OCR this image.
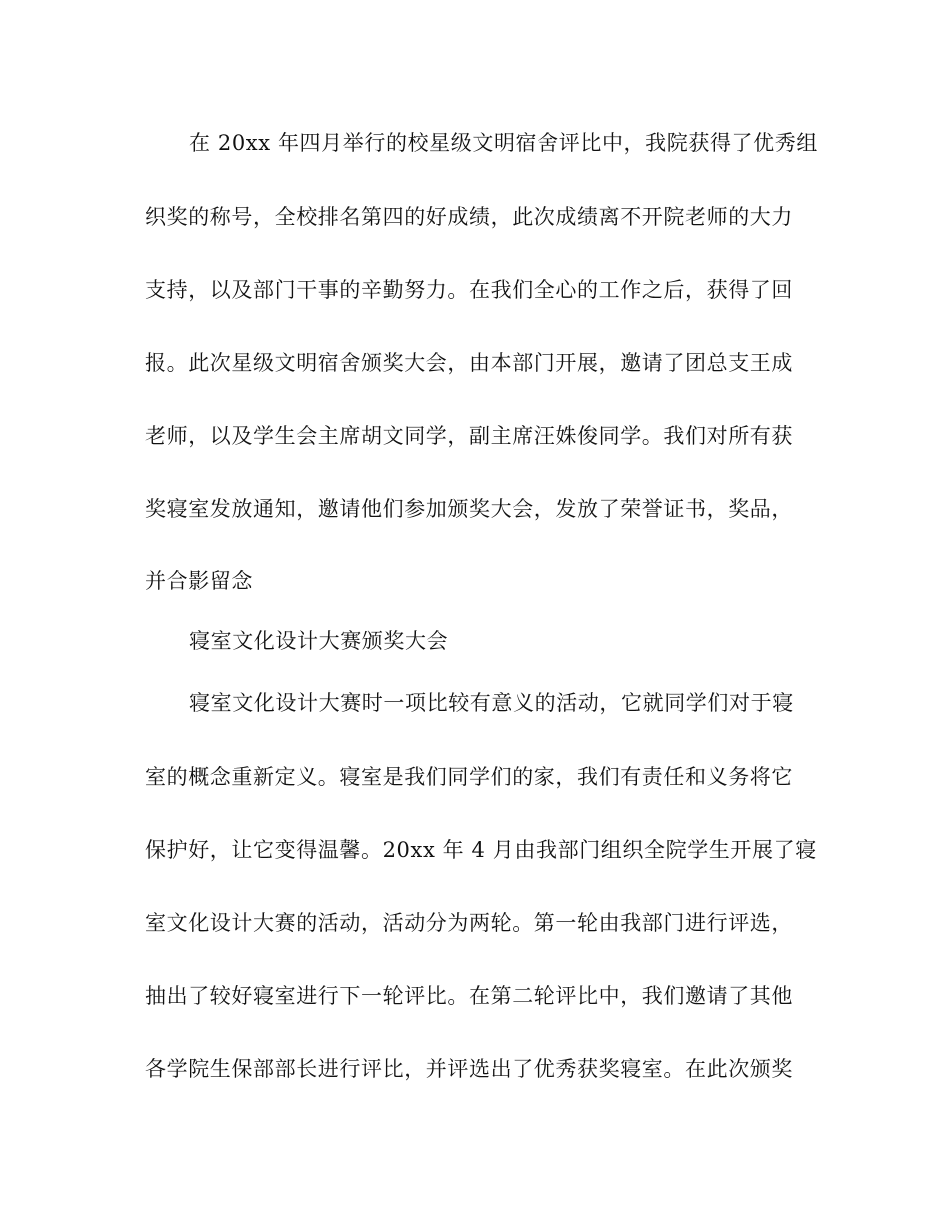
在 20xx 年四月举行的校星级文明宿舍评比中，我院获得了优秀组

织奖的称号，全校排名第四的好成绩，此次成绩离不开院老师的大力

支持，以及部门干事的辛勤努力。在我们全心的工作之后，获得了回

报。此次星级文明宿舍颁奖大会，由本部门开展，邀请了团总支王成

老师，以及学生会主席胡文同学，副主席汪姝俊同学。我们对所有获

奖寝室发放通知，邀请他们参加颁奖大会，发放了荣誉证书，奖品，

并合影留念

寝室文化设计大赛颁奖大会

寝室文化设计大赛时一项比较有意义的活动，它就同学们对于寝

室的概念重新定义。寝室是我们同学们的家，我们有责任和义务将它

保护好，让它变得温馨。20xx 年 4 月由我部门组织全院学生开展了寝

室文化设计大赛的活动，活动分为两轮。第一轮由我部门进行评选，

抽出了较好寝室进行下一轮评比。在第二轮评比中，我们邀请了其他

各学院生保部部长进行评比，并评选出了优秀获奖寝室。在此次颁奖
